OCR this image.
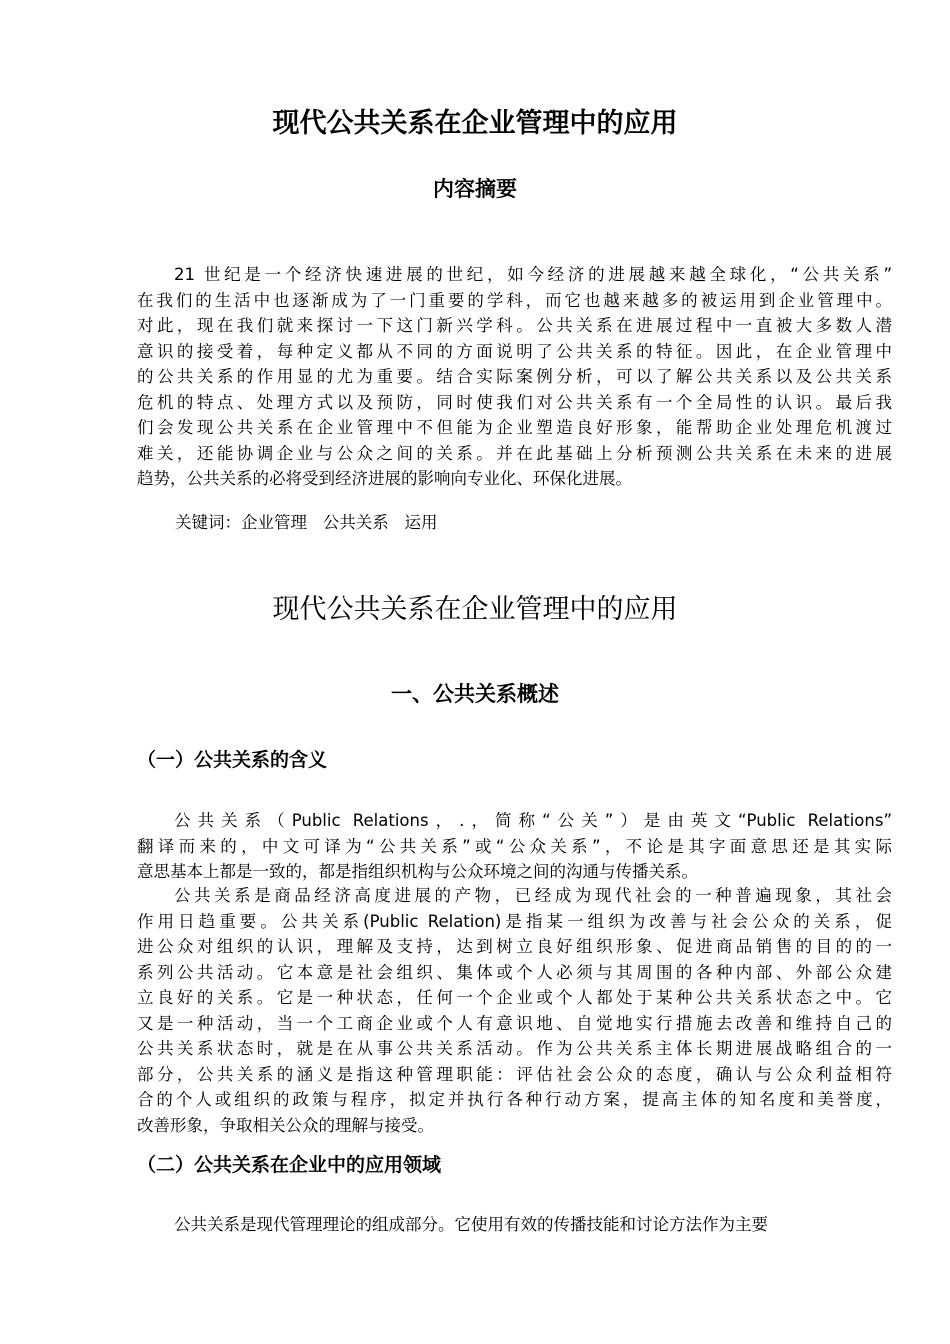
现代公共关系在企业管理中的应用
内容摘要
21 世纪是一个经济快速进展的世纪，如今经济的进展越来越全球化，“公共关系”
在我们的生活中也逐渐成为了一门重要的学科，而它也越来越多的被运用到企业管理中。
对此，现在我们就来探讨一下这门新兴学科。公共关系在进展过程中一直被大多数人潜
意识的接受着，每种定义都从不同的方面说明了公共关系的特征。因此，在企业管理中
的公共关系的作用显的尤为重要。结合实际案例分析，可以了解公共关系以及公共关系
危机的特点、处理方式以及预防，同时使我们对公共关系有一个全局性的认识。最后我
们会发现公共关系在企业管理中不但能为企业塑造良好形象，能帮助企业处理危机渡过
难关，还能协调企业与公众之间的关系。并在此基础上分析预测公共关系在未来的进展
趋势，公共关系的必将受到经济进展的影响向专业化、环保化进展。
关键词：企业管理   公共关系   运用
现代公共关系在企业管理中的应用
一、公共关系概述
（一）公共关系的含义
公共关系（Public Relations，.，简称“公关”）是由英文“Public Relations”
翻译而来的，中文可译为“公共关系”或“公众关系”，不论是其字面意思还是其实际
意思基本上都是一致的，都是指组织机构与公众环境之间的沟通与传播关系。
公共关系是商品经济高度进展的产物，已经成为现代社会的一种普遍现象，其社会
作用日趋重要。公共关系(Public Relation)是指某一组织为改善与社会公众的关系，促
进公众对组织的认识，理解及支持，达到树立良好组织形象、促进商品销售的目的的一
系列公共活动。它本意是社会组织、集体或个人必须与其周围的各种内部、外部公众建
立良好的关系。它是一种状态，任何一个企业或个人都处于某种公共关系状态之中。它
又是一种活动，当一个工商企业或个人有意识地、自觉地实行措施去改善和维持自己的
公共关系状态时，就是在从事公共关系活动。作为公共关系主体长期进展战略组合的一
部分，公共关系的涵义是指这种管理职能：评估社会公众的态度，确认与公众利益相符
合的个人或组织的政策与程序，拟定并执行各种行动方案，提高主体的知名度和美誉度，
改善形象，争取相关公众的理解与接受。
（二）公共关系在企业中的应用领域
公共关系是现代管理理论的组成部分。它使用有效的传播技能和讨论方法作为主要
